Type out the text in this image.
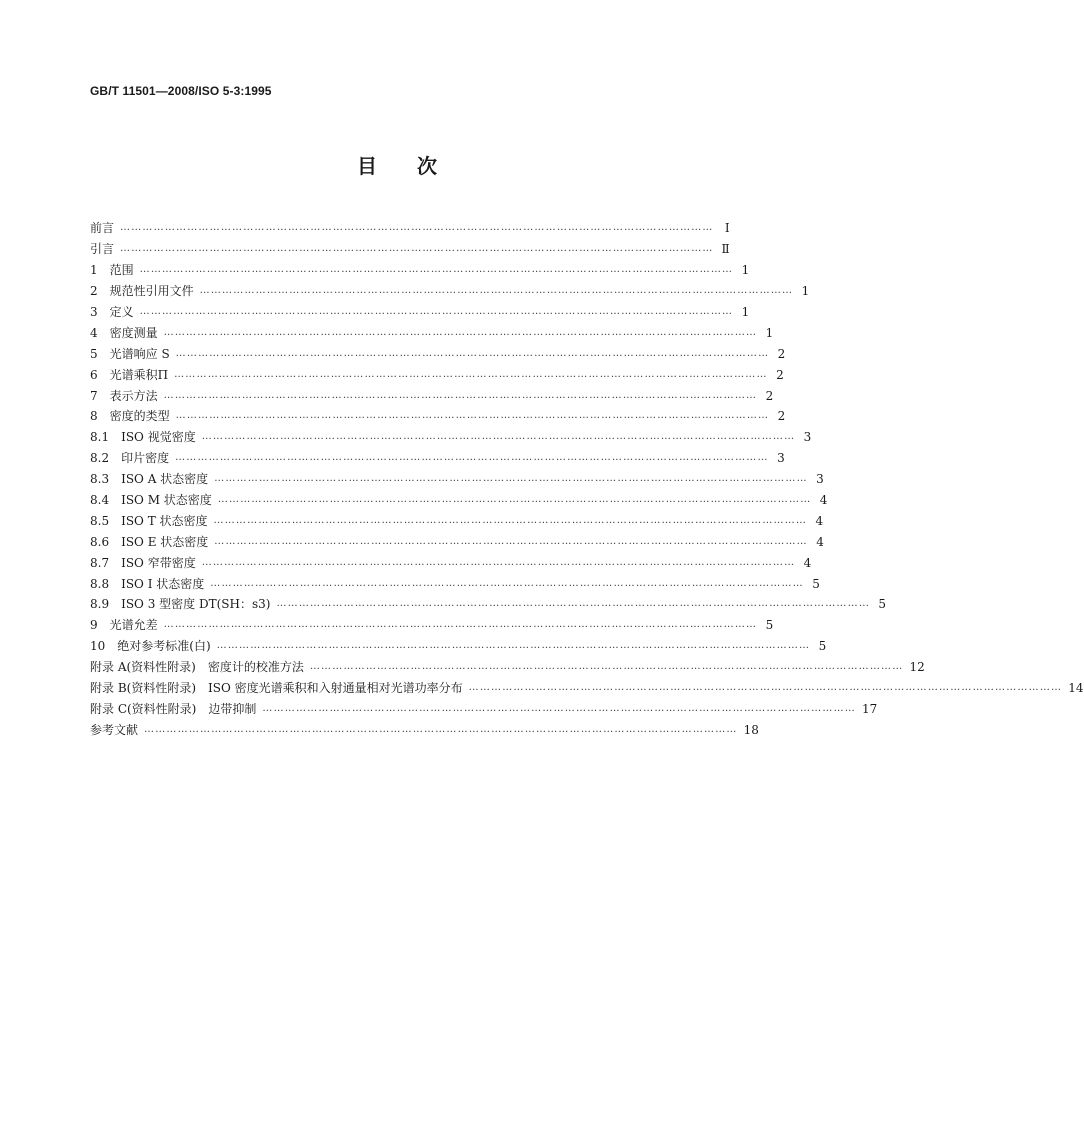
GB/T 11501—2008/ISO 5-3:1995
目次
前言 …………………………………………………………………………………………………………………………………………… Ⅰ
引言 …………………………………………………………………………………………………………………………………………… Ⅱ
1　范围 …………………………………………………………………………………………………………………………………………… 1
2　规范性引用文件 …………………………………………………………………………………………………………………………………………… 1
3　定义 …………………………………………………………………………………………………………………………………………… 1
4　密度测量 …………………………………………………………………………………………………………………………………………… 1
5　光谱响应 S …………………………………………………………………………………………………………………………………………… 2
6　光谱乘积Π …………………………………………………………………………………………………………………………………………… 2
7　表示方法 …………………………………………………………………………………………………………………………………………… 2
8　密度的类型 …………………………………………………………………………………………………………………………………………… 2
8.1　ISO 视觉密度 …………………………………………………………………………………………………………………………………………… 3
8.2　印片密度 …………………………………………………………………………………………………………………………………………… 3
8.3　ISO A 状态密度 …………………………………………………………………………………………………………………………………………… 3
8.4　ISO M 状态密度 …………………………………………………………………………………………………………………………………………… 4
8.5　ISO T 状态密度 …………………………………………………………………………………………………………………………………………… 4
8.6　ISO E 状态密度 …………………………………………………………………………………………………………………………………………… 4
8.7　ISO 窄带密度 …………………………………………………………………………………………………………………………………………… 4
8.8　ISO I 状态密度 …………………………………………………………………………………………………………………………………………… 5
8.9　ISO 3 型密度 DT(SH：s3) …………………………………………………………………………………………………………………………………………… 5
9　光谱允差 …………………………………………………………………………………………………………………………………………… 5
10　绝对参考标准(白) …………………………………………………………………………………………………………………………………………… 5
附录 A(资料性附录)　密度计的校准方法 …………………………………………………………………………………………………………………………………………… 12
附录 B(资料性附录)　ISO 密度光谱乘积和入射通量相对光谱功率分布 …………………………………………………………………………………………………………………………………………… 14
附录 C(资料性附录)　边带抑制 …………………………………………………………………………………………………………………………………………… 17
参考文献 …………………………………………………………………………………………………………………………………………… 18
